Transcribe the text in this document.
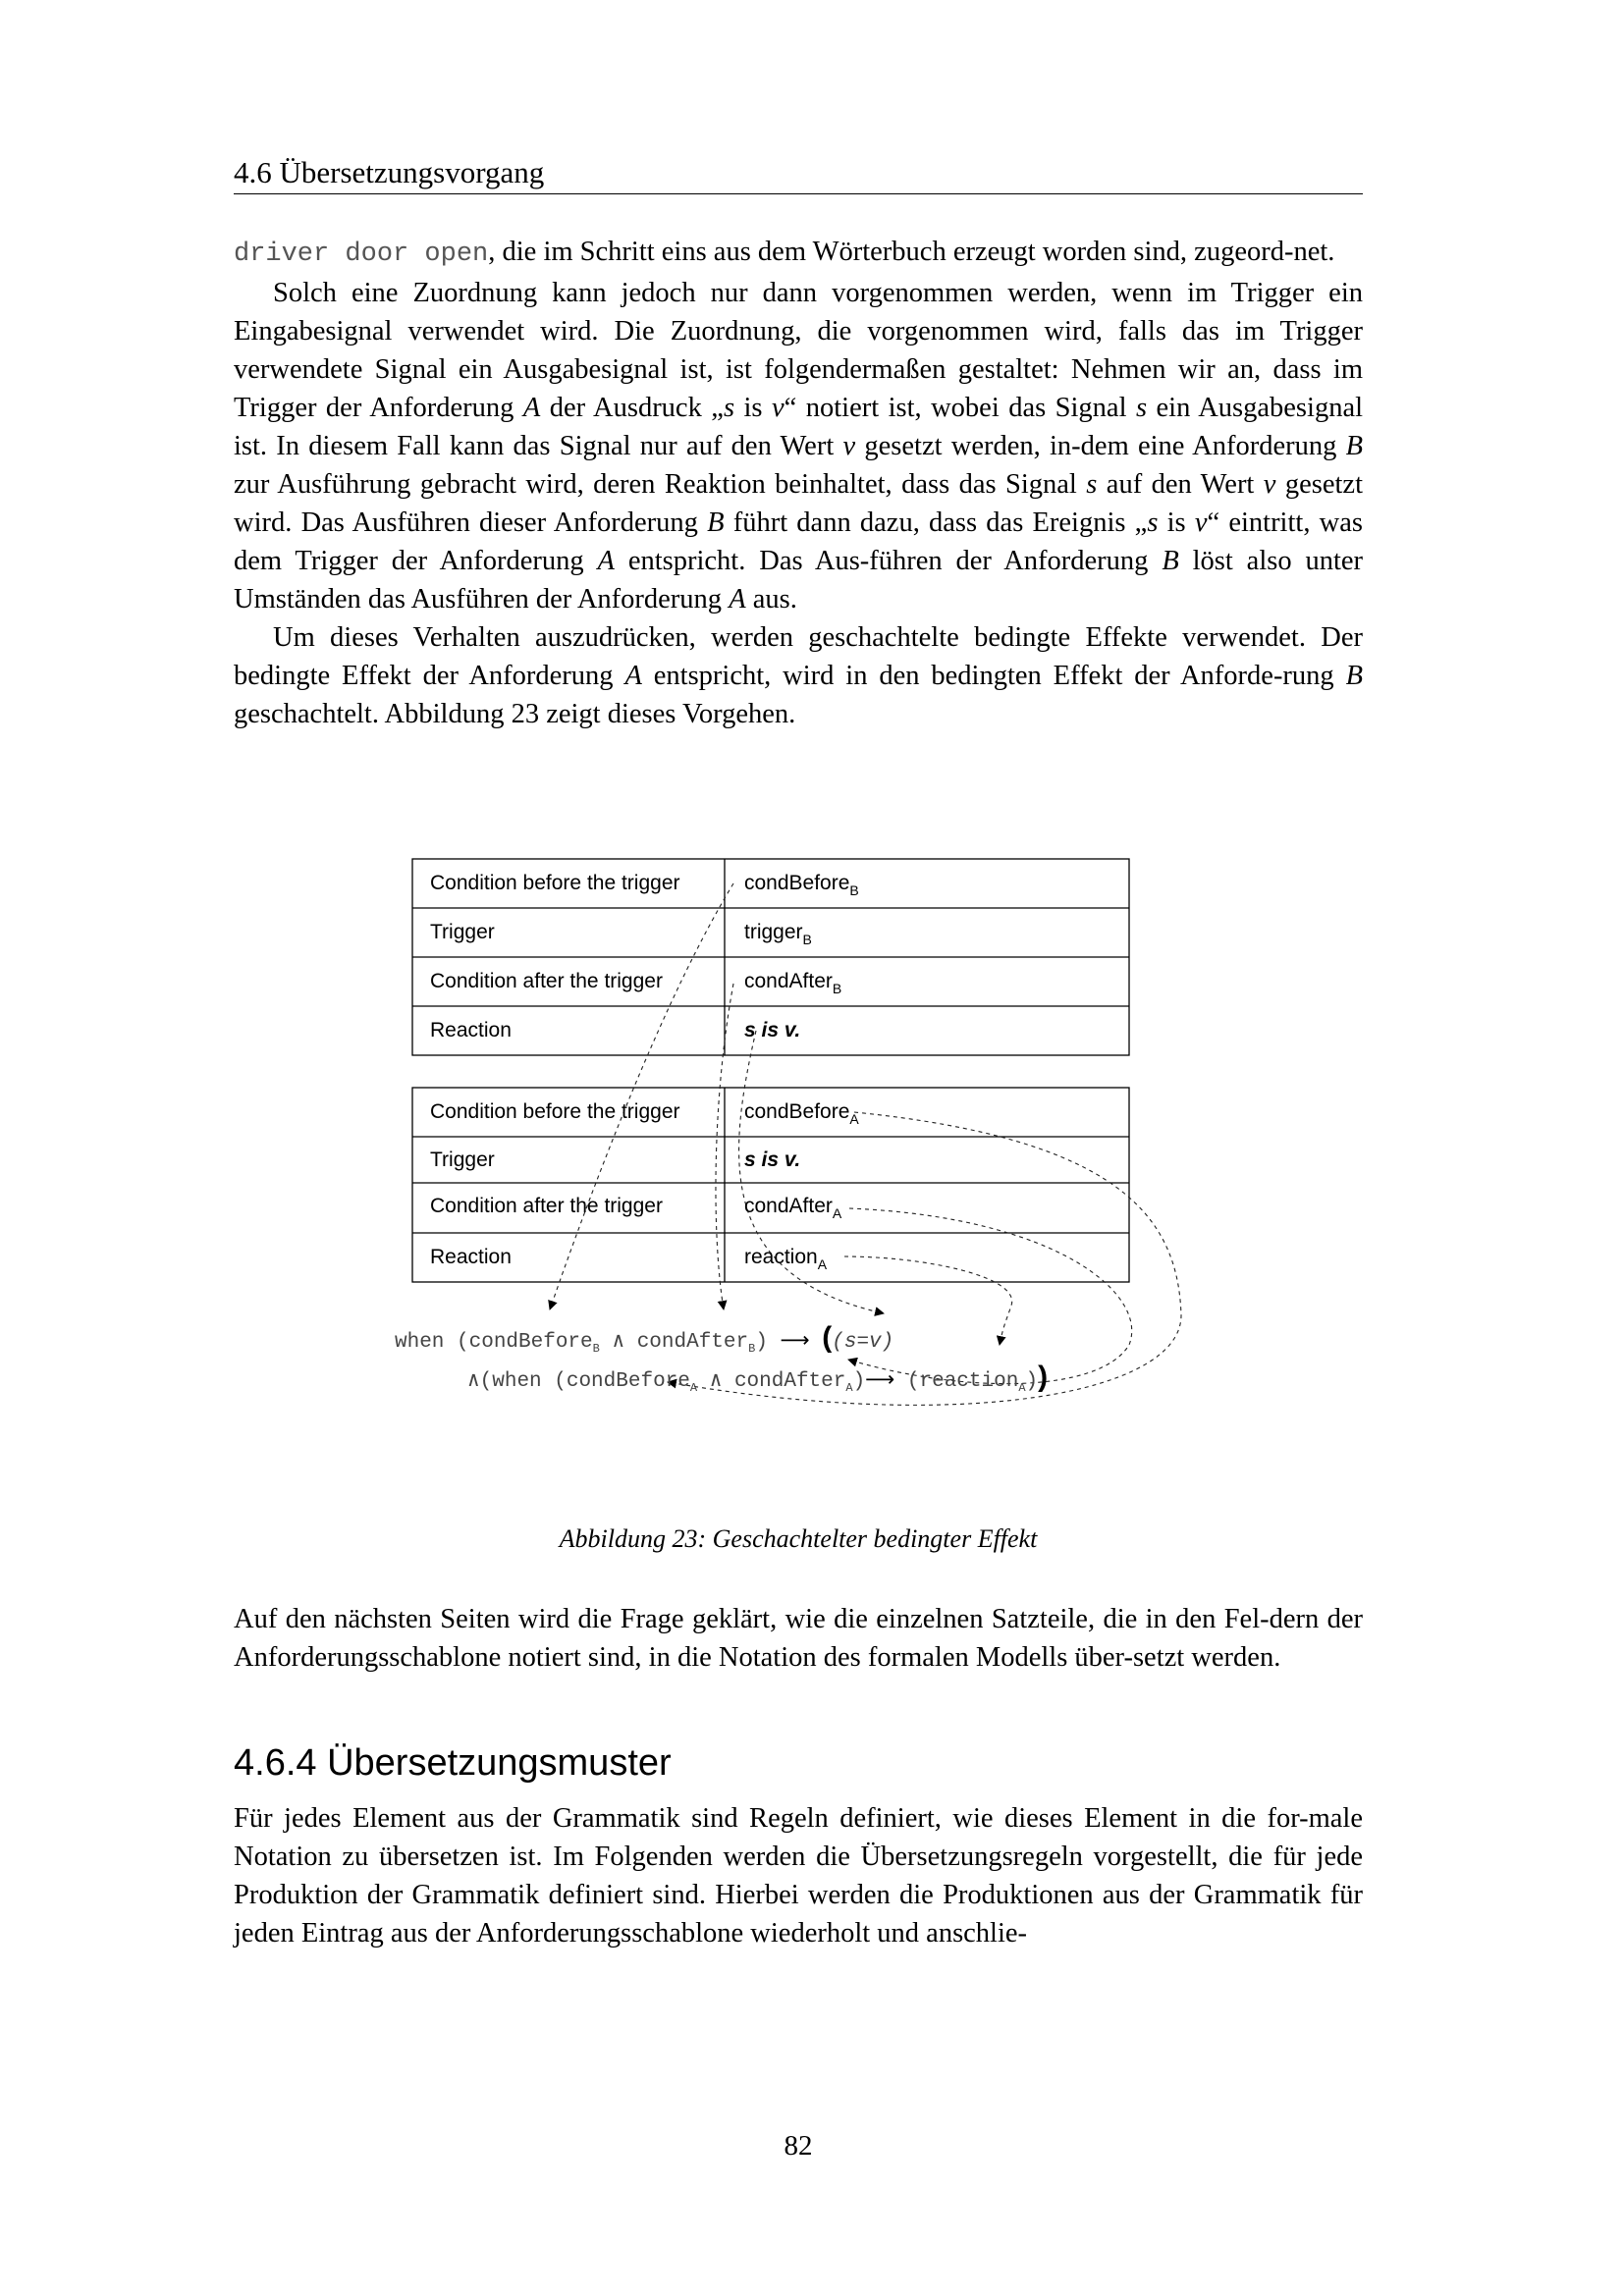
4.6 Übersetzungsvorgang

driver door open, die im Schritt eins aus dem Wörterbuch erzeugt worden sind, zugeord-net.

Solch eine Zuordnung kann jedoch nur dann vorgenommen werden, wenn im Trigger ein Eingabesignal verwendet wird. Die Zuordnung, die vorgenommen wird, falls das im Trigger verwendete Signal ein Ausgabesignal ist, ist folgendermaßen gestaltet: Nehmen wir an, dass im Trigger der Anforderung A der Ausdruck „s is v“ notiert ist, wobei das Signal s ein Ausgabesignal ist. In diesem Fall kann das Signal nur auf den Wert v gesetzt werden, in-dem eine Anforderung B zur Ausführung gebracht wird, deren Reaktion beinhaltet, dass das Signal s auf den Wert v gesetzt wird. Das Ausführen dieser Anforderung B führt dann dazu, dass das Ereignis „s is v“ eintritt, was dem Trigger der Anforderung A entspricht. Das Aus-führen der Anforderung B löst also unter Umständen das Ausführen der Anforderung A aus.

Um dieses Verhalten auszudrücken, werden geschachtelte bedingte Effekte verwendet. Der bedingte Effekt der Anforderung A entspricht, wird in den bedingten Effekt der Anforde-rung B geschachtelt. Abbildung 23 zeigt dieses Vorgehen.

Condition before the trigger	condBefore$_B$
Trigger	trigger$_B$
Condition after the trigger	condAfter$_B$
Reaction	s is v.
Condition before the trigger	condBefore$_A$
Trigger	s is v.
Condition after the trigger	condAfter$_A$
Reaction	reaction$_A$
when (condBefore$_B$ ∧ condAfter$_B$) ⟶ ((s=v)
∧(when (condBefore$_A$ ∧ condAfter$_A$)⟶ (reaction$_A$))
Abbildung 23: Geschachtelter bedingter Effekt

Auf den nächsten Seiten wird die Frage geklärt, wie die einzelnen Satzteile, die in den Fel-dern der Anforderungsschablone notiert sind, in die Notation des formalen Modells über-setzt werden.

4.6.4 Übersetzungsmuster

Für jedes Element aus der Grammatik sind Regeln definiert, wie dieses Element in die for-male Notation zu übersetzen ist. Im Folgenden werden die Übersetzungsregeln vorgestellt, die für jede Produktion der Grammatik definiert sind. Hierbei werden die Produktionen aus der Grammatik für jeden Eintrag aus der Anforderungsschablone wiederholt und anschlie-

82
